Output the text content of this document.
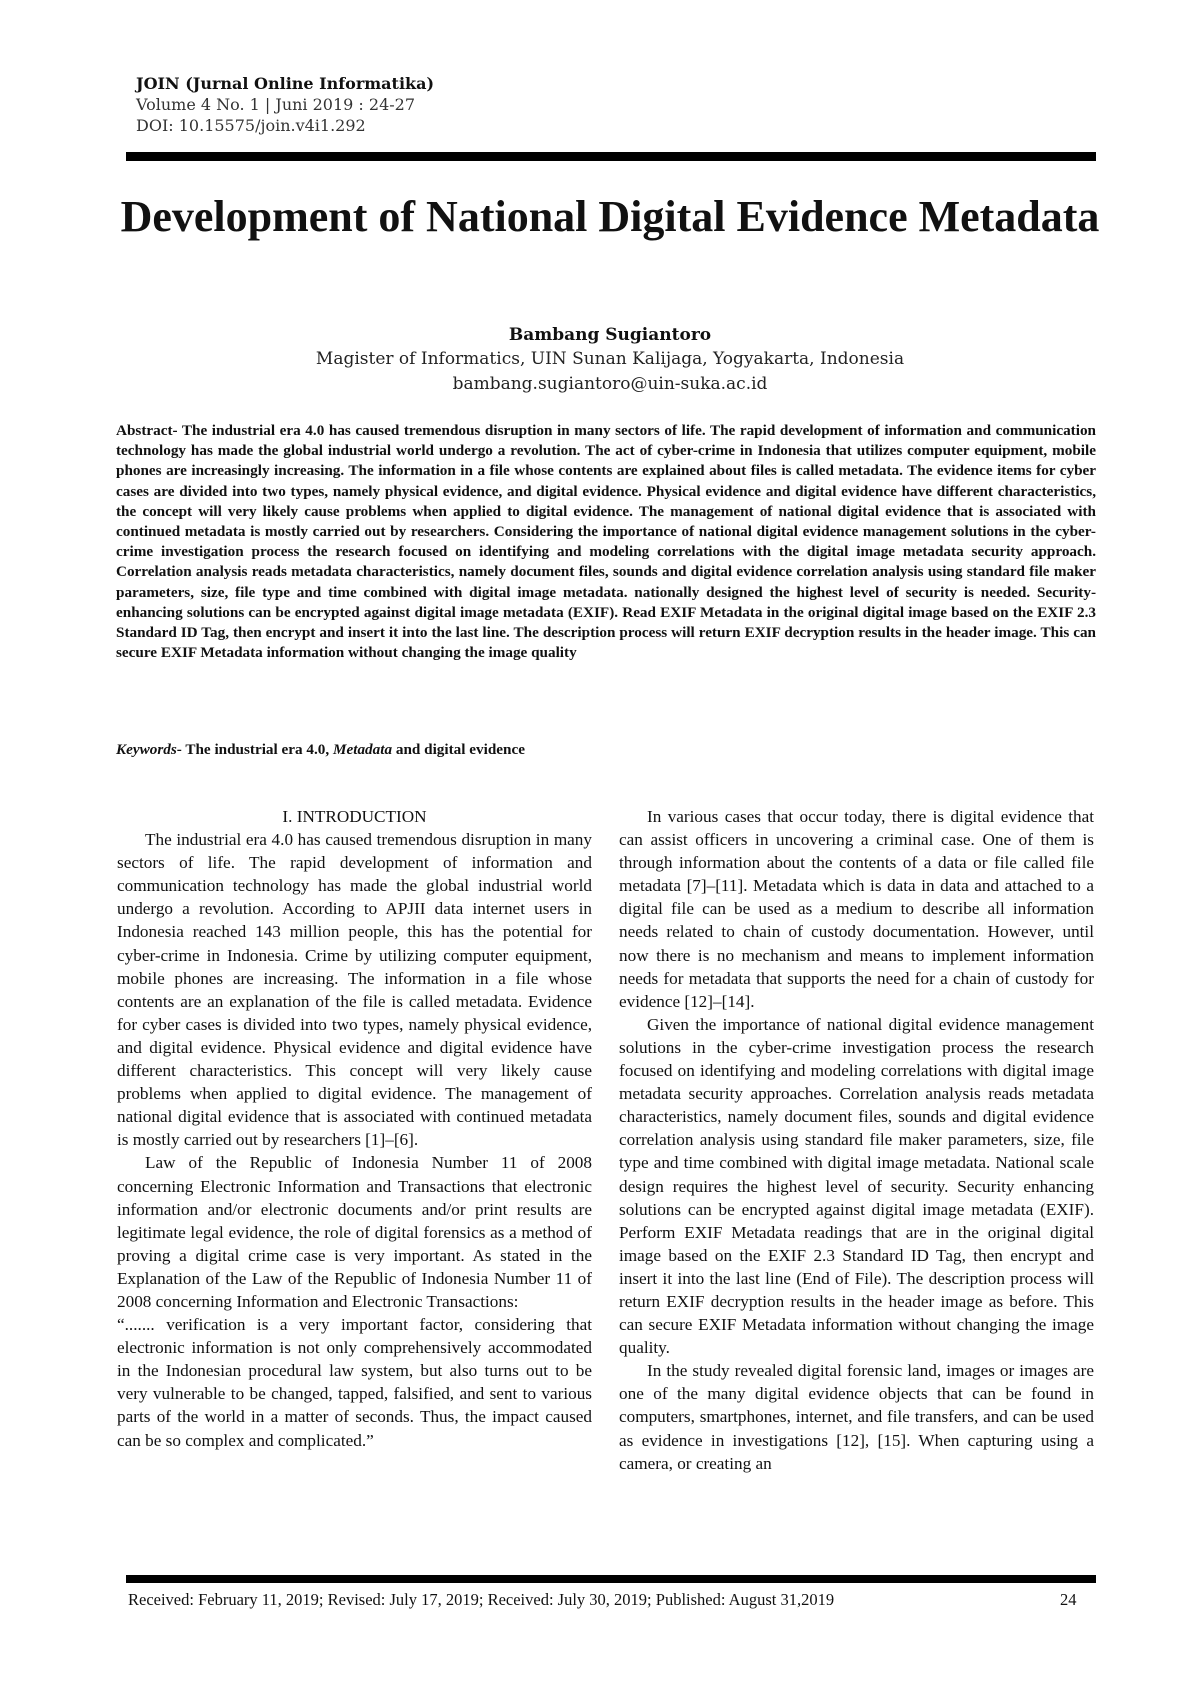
JOIN (Jurnal Online Informatika)
Volume 4 No. 1 | Juni 2019 : 24-27
DOI: 10.15575/join.v4i1.292
Development of National Digital Evidence Metadata
Bambang Sugiantoro
Magister of Informatics, UIN Sunan Kalijaga, Yogyakarta, Indonesia
bambang.sugiantoro@uin-suka.ac.id

Abstract- The industrial era 4.0 has caused tremendous disruption in many sectors of life. The rapid development of information and communication technology has made the global industrial world undergo a revolution. The act of cyber-crime in Indonesia that utilizes computer equipment, mobile phones are increasingly increasing. The information in a file whose contents are explained about files is called metadata. The evidence items for cyber cases are divided into two types, namely physical evidence, and digital evidence. Physical evidence and digital evidence have different characteristics, the concept will very likely cause problems when applied to digital evidence. The management of national digital evidence that is associated with continued metadata is mostly carried out by researchers. Considering the importance of national digital evidence management solutions in the cyber-crime investigation process the research focused on identifying and modeling correlations with the digital image metadata security approach. Correlation analysis reads metadata characteristics, namely document files, sounds and digital evidence correlation analysis using standard file maker parameters, size, file type and time combined with digital image metadata. nationally designed the highest level of security is needed. Security-enhancing solutions can be encrypted against digital image metadata (EXIF). Read EXIF Metadata in the original digital image based on the EXIF 2.3 Standard ID Tag, then encrypt and insert it into the last line. The description process will return EXIF decryption results in the header image. This can secure EXIF Metadata information without changing the image quality

Keywords- The industrial era 4.0, Metadata and digital evidence

I. INTRODUCTION

The industrial era 4.0 has caused tremendous disruption in many sectors of life. The rapid development of information and communication technology has made the global industrial world undergo a revolution. According to APJII data internet users in Indonesia reached 143 million people, this has the potential for cyber-crime in Indonesia. Crime by utilizing computer equipment, mobile phones are increasing. The information in a file whose contents are an explanation of the file is called metadata. Evidence for cyber cases is divided into two types, namely physical evidence, and digital evidence. Physical evidence and digital evidence have different characteristics. This concept will very likely cause problems when applied to digital evidence. The management of national digital evidence that is associated with continued metadata is mostly carried out by researchers [1]–[6].

Law of the Republic of Indonesia Number 11 of 2008 concerning Electronic Information and Transactions that electronic information and/or electronic documents and/or print results are legitimate legal evidence, the role of digital forensics as a method of proving a digital crime case is very important. As stated in the Explanation of the Law of the Republic of Indonesia Number 11 of 2008 concerning Information and Electronic Transactions:

“....... verification is a very important factor, considering that electronic information is not only comprehensively accommodated in the Indonesian procedural law system, but also turns out to be very vulnerable to be changed, tapped, falsified, and sent to various parts of the world in a matter of seconds. Thus, the impact caused can be so complex and complicated.”

In various cases that occur today, there is digital evidence that can assist officers in uncovering a criminal case. One of them is through information about the contents of a data or file called file metadata [7]–[11]. Metadata which is data in data and attached to a digital file can be used as a medium to describe all information needs related to chain of custody documentation. However, until now there is no mechanism and means to implement information needs for metadata that supports the need for a chain of custody for evidence [12]–[14].

Given the importance of national digital evidence management solutions in the cyber-crime investigation process the research focused on identifying and modeling correlations with digital image metadata security approaches. Correlation analysis reads metadata characteristics, namely document files, sounds and digital evidence correlation analysis using standard file maker parameters, size, file type and time combined with digital image metadata. National scale design requires the highest level of security. Security enhancing solutions can be encrypted against digital image metadata (EXIF). Perform EXIF Metadata readings that are in the original digital image based on the EXIF 2.3 Standard ID Tag, then encrypt and insert it into the last line (End of File). The description process will return EXIF decryption results in the header image as before. This can secure EXIF Metadata information without changing the image quality.

In the study revealed digital forensic land, images or images are one of the many digital evidence objects that can be found in computers, smartphones, internet, and file transfers, and can be used as evidence in investigations [12], [15]. When capturing using a camera, or creating an

Received: February 11, 2019; Revised: July 17, 2019; Received: July 30, 2019; Published: August 31,2019	24
